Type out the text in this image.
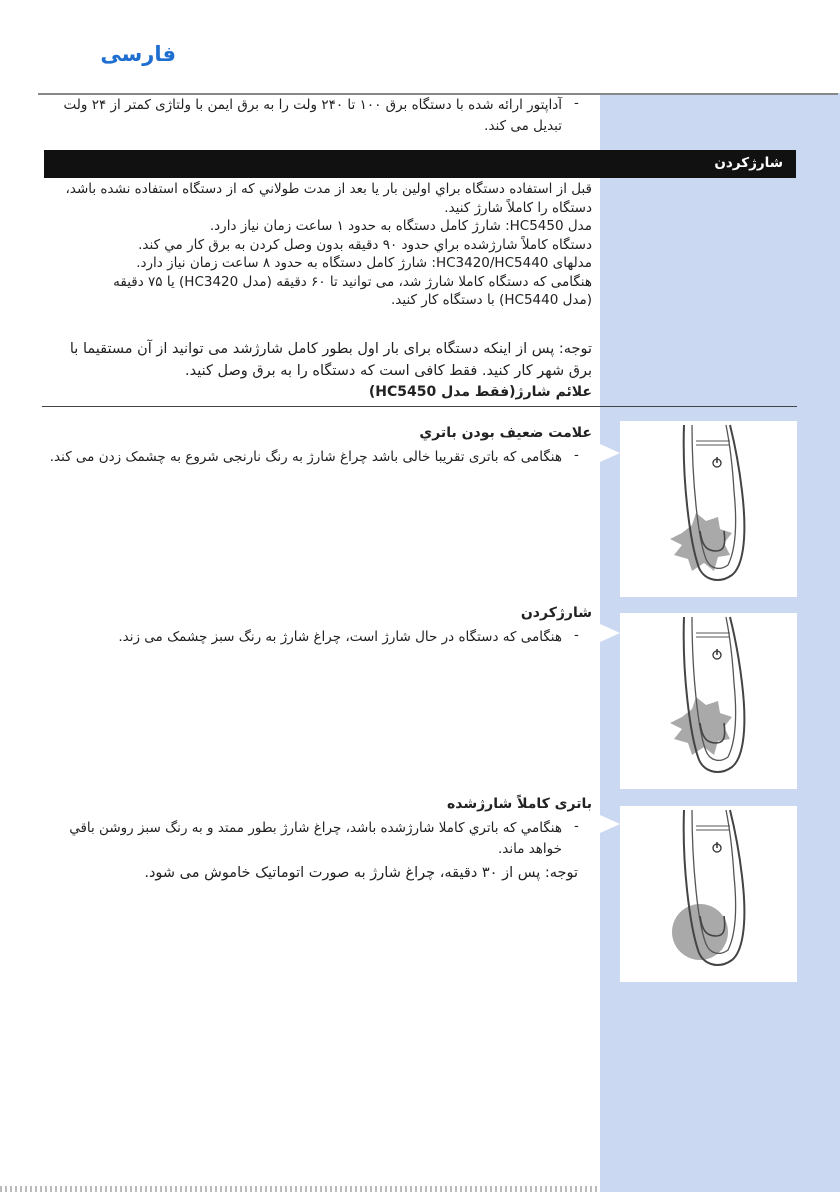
فارسی
-
آداپتور ارائه شده با دستگاه برق ۱۰۰ تا ۲۴۰ ولت را به برق ایمن با ولتاژی کمتر از ۲۴ ولت تبدیل می کند.
شارژکردن
قبل از استفاده دستگاه براي اولين بار يا بعد از مدت طولاني كه از دستگاه استفاده نشده باشد،
دستگاه را كاملاً شارژ كنيد.
مدل HC5450: شارژ كامل دستگاه به حدود ۱ ساعت زمان نیاز دارد.
دستگاه كاملاً شارژشده براي حدود ۹۰ دقيقه بدون وصل كردن به برق كار مي كند.
مدلهای HC3420/HC5440: شارژ کامل دستگاه به حدود ۸ ساعت زمان نیاز دارد.
هنگامی که دستگاه کاملا شارژ شد، می توانید تا ۶۰ دقیقه (مدل HC3420) یا ۷۵ دقیقه
(مدل HC5440) با دستگاه کار کنید.
توجه: پس از اینکه دستگاه برای بار اول بطور کامل شارژشد می توانید از آن مستقیما با برق شهر کار کنید. فقط کافی است که دستگاه را به برق وصل کنید.
علائم شارژ(فقط مدل HC5450)
علامت ضعيف بودن باتري
-
هنگامی که باتری تقریبا خالی باشد چراغ شارژ به رنگ نارنجی شروع به چشمک زدن می کند.
شارژکردن
-
هنگامی که دستگاه در حال شارژ است، چراغ شارژ به رنگ سبز چشمک می زند.
باتری کاملاً شارژشده
-
هنگامي كه باتري كاملا شارژشده باشد، چراغ شارژ بطور ممتد و به رنگ سبز روشن باقي خواهد ماند.
توجه: پس از ۳۰ دقیقه، چراغ شارژ به صورت اتوماتیک خاموش می شود.
